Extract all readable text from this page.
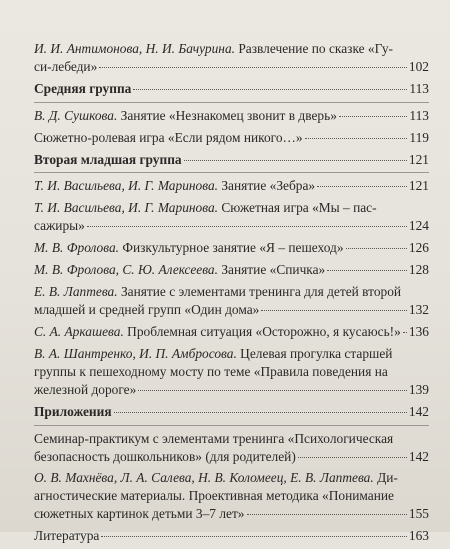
И. И. Антимонова, Н. И. Бачурина. Развлечение по сказке «Гу-
си-лебеди»	102
Средняя группа	113
В. Д. Сушкова. Занятие «Незнакомец звонит в дверь»	113
Сюжетно-ролевая игра «Если рядом никого…»	119
Вторая младшая группа	121
Т. И. Васильева, И. Г. Маринова. Занятие «Зебра»	121
Т. И. Васильева, И. Г. Маринова. Сюжетная игра «Мы – пас-
сажиры»	124
М. В. Фролова. Физкультурное занятие «Я – пешеход»	126
М. В. Фролова, С. Ю. Алексеева. Занятие «Спичка»	128
Е. В. Лаптева. Занятие с элементами тренинга для детей второй
младшей и средней групп «Один дома»	132
С. А. Аркашева. Проблемная ситуация «Осторожно, я кусаюсь!» 136
В. А. Шантренко, И. П. Амбросова. Целевая прогулка старшей
группы к пешеходному мосту по теме «Правила поведения на
железной дороге»	139
Приложения	142
Семинар-практикум с элементами тренинга «Психологическая
безопасность дошкольников» (для родителей)	142
О. В. Махнёва, Л. А. Салева, Н. В. Коломеец, Е. В. Лаптева. Ди-
агностические материалы. Проективная методика «Понимание
сюжетных картинок детьми 3–7 лет»	155
Литература	163
